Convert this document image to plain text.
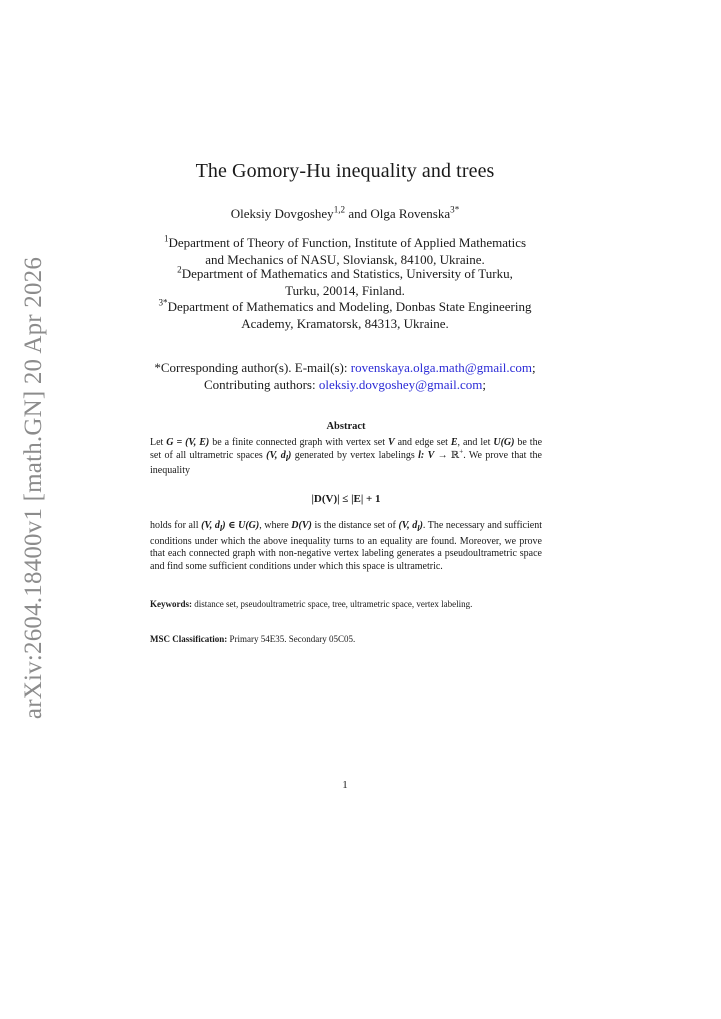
arXiv:2604.18400v1 [math.GN] 20 Apr 2026
The Gomory-Hu inequality and trees
Oleksiy Dovgoshey$^{1,2}$ and Olga Rovenska$^{3*}$
$^1$Department of Theory of Function, Institute of Applied Mathematics
and Mechanics of NASU, Sloviansk, 84100, Ukraine.
$^2$Department of Mathematics and Statistics, University of Turku,
Turku, 20014, Finland.
$^{3*}$Department of Mathematics and Modeling, Donbas State Engineering
Academy, Kramatorsk, 84313, Ukraine.
*Corresponding author(s). E-mail(s): rovenskaya.olga.math@gmail.com;
Contributing authors: oleksiy.dovgoshey@gmail.com;
Abstract
Let G = (V, E) be a finite connected graph with vertex set V and edge set E, and let U(G) be the set of all ultrametric spaces (V, $d_l$) generated by vertex labelings l: V → ℝ+. We prove that the inequality
|D(V)| ≤ |E| + 1
holds for all (V, $d_l$) ∈ U(G), where D(V) is the distance set of (V, $d_l$). The necessary and sufficient conditions under which the above inequality turns to an equality are found. Moreover, we prove that each connected graph with non-negative vertex labeling generates a pseudoultrametric space and find some sufficient conditions under which this space is ultrametric.
Keywords: distance set, pseudoultrametric space, tree, ultrametric space, vertex labeling.
MSC Classification: Primary 54E35. Secondary 05C05.
1
